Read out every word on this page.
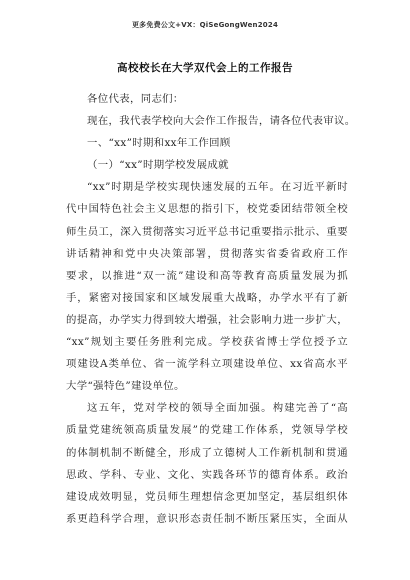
更多免费公文+VX：QiSeGongWen2024
高校校长在大学双代会上的工作报告
各位代表，同志们：
现在，我代表学校向大会作工作报告，请各位代表审议。
一、“xx”时期和xx年工作回顾
（一）“xx”时期学校发展成就
“xx”时期是学校实现快速发展的五年。在习近平新时
代中国特色社会主义思想的指引下，校党委团结带领全校
师生员工，深入贯彻落实习近平总书记重要指示批示、重要
讲话精神和党中央决策部署，贯彻落实省委省政府工作
要求，以推进“双一流”建设和高等教育高质量发展为抓
手，紧密对接国家和区域发展重大战略，办学水平有了新
的提高，办学实力得到较大增强，社会影响力进一步扩大，
“xx”规划主要任务胜利完成。学校获省博士学位授予立
项建设A类单位、省一流学科立项建设单位、xx省高水平
大学“强特色”建设单位。
这五年，党对学校的领导全面加强。构建完善了“高
质量党建统领高质量发展”的党建工作体系，党领导学校
的体制机制不断健全，形成了立德树人工作新机制和贯通
思政、学科、专业、文化、实践各环节的德育体系。政治
建设成效明显，党员师生理想信念更加坚定，基层组织体
系更趋科学合理，意识形态责任制不断压紧压实，全面从
